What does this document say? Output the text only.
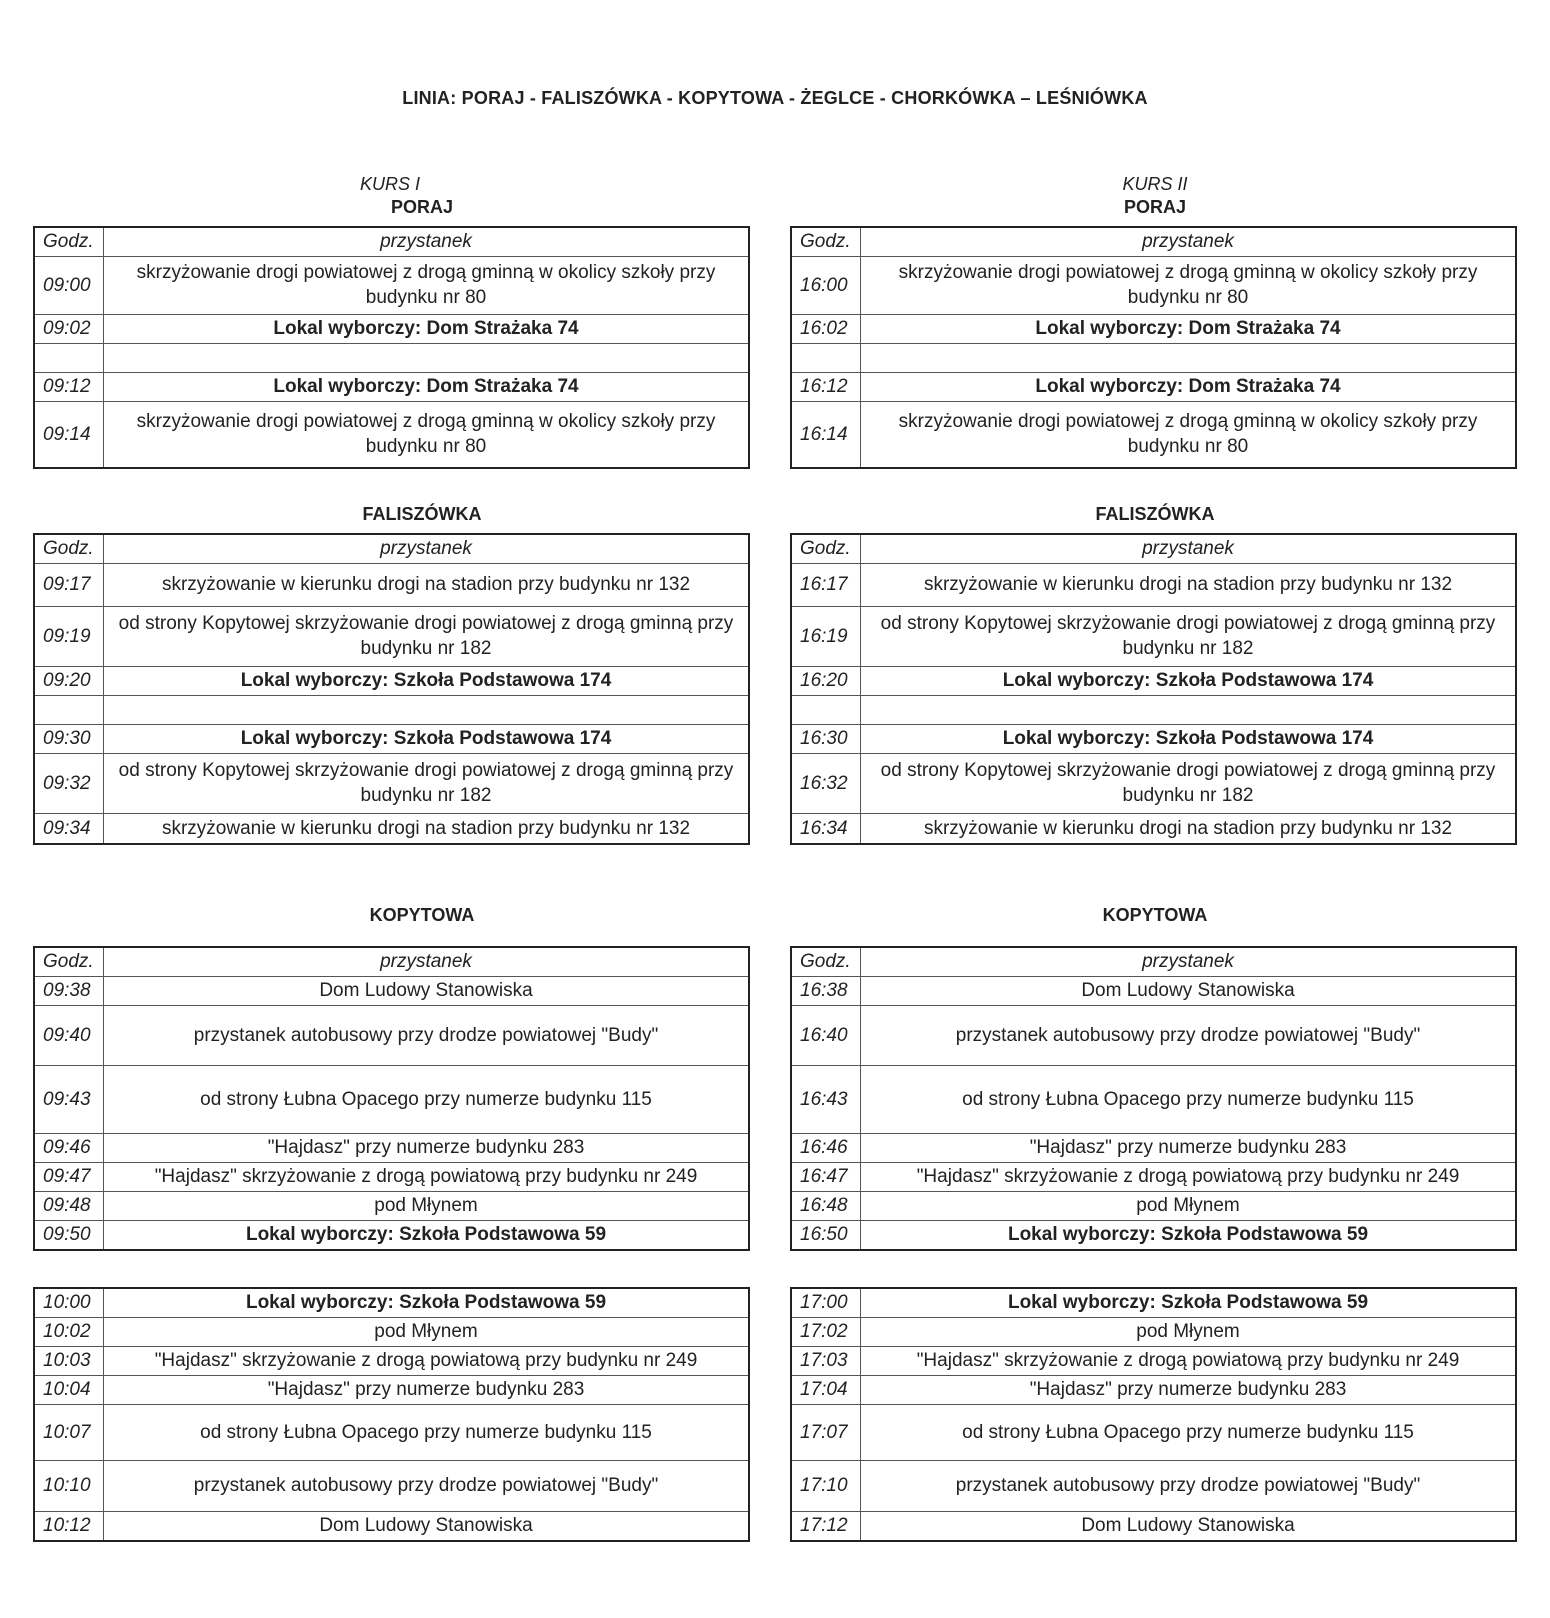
LINIA: PORAJ - FALISZÓWKA - KOPYTOWA - ŻEGLCE - CHORKÓWKA – LEŚNIÓWKA
KURS I
PORAJ
Godz.	przystanek
09:00	skrzyżowanie drogi powiatowej z drogą gminną w okolicy szkoły przy budynku nr 80
09:02	Lokal wyborczy: Dom Strażaka 74

09:12	Lokal wyborczy: Dom Strażaka 74
09:14	skrzyżowanie drogi powiatowej z drogą gminną w okolicy szkoły przy budynku nr 80
FALISZÓWKA
Godz.	przystanek
09:17	skrzyżowanie w kierunku drogi na stadion przy budynku nr 132
09:19	od strony Kopytowej skrzyżowanie drogi powiatowej z drogą gminną przy budynku nr 182
09:20	Lokal wyborczy: Szkoła Podstawowa 174

09:30	Lokal wyborczy: Szkoła Podstawowa 174
09:32	od strony Kopytowej skrzyżowanie drogi powiatowej z drogą gminną przy budynku nr 182
09:34	skrzyżowanie w kierunku drogi na stadion przy budynku nr 132
KOPYTOWA
Godz.	przystanek
09:38	Dom Ludowy Stanowiska
09:40	przystanek autobusowy przy drodze powiatowej "Budy"
09:43	od strony Łubna Opacego przy numerze budynku 115
09:46	"Hajdasz" przy numerze budynku 283
09:47	"Hajdasz" skrzyżowanie z drogą powiatową przy budynku nr 249
09:48	pod Młynem
09:50	Lokal wyborczy: Szkoła Podstawowa 59
10:00	Lokal wyborczy: Szkoła Podstawowa 59
10:02	pod Młynem
10:03	"Hajdasz" skrzyżowanie z drogą powiatową przy budynku nr 249
10:04	"Hajdasz" przy numerze budynku 283
10:07	od strony Łubna Opacego przy numerze budynku 115
10:10	przystanek autobusowy przy drodze powiatowej "Budy"
10:12	Dom Ludowy Stanowiska
KURS II
PORAJ
Godz.	przystanek
16:00	skrzyżowanie drogi powiatowej z drogą gminną w okolicy szkoły przy budynku nr 80
16:02	Lokal wyborczy: Dom Strażaka 74

16:12	Lokal wyborczy: Dom Strażaka 74
16:14	skrzyżowanie drogi powiatowej z drogą gminną w okolicy szkoły przy budynku nr 80
FALISZÓWKA
Godz.	przystanek
16:17	skrzyżowanie w kierunku drogi na stadion przy budynku nr 132
16:19	od strony Kopytowej skrzyżowanie drogi powiatowej z drogą gminną przy budynku nr 182
16:20	Lokal wyborczy: Szkoła Podstawowa 174

16:30	Lokal wyborczy: Szkoła Podstawowa 174
16:32	od strony Kopytowej skrzyżowanie drogi powiatowej z drogą gminną przy budynku nr 182
16:34	skrzyżowanie w kierunku drogi na stadion przy budynku nr 132
KOPYTOWA
Godz.	przystanek
16:38	Dom Ludowy Stanowiska
16:40	przystanek autobusowy przy drodze powiatowej "Budy"
16:43	od strony Łubna Opacego przy numerze budynku 115
16:46	"Hajdasz" przy numerze budynku 283
16:47	"Hajdasz" skrzyżowanie z drogą powiatową przy budynku nr 249
16:48	pod Młynem
16:50	Lokal wyborczy: Szkoła Podstawowa 59
17:00	Lokal wyborczy: Szkoła Podstawowa 59
17:02	pod Młynem
17:03	"Hajdasz" skrzyżowanie z drogą powiatową przy budynku nr 249
17:04	"Hajdasz" przy numerze budynku 283
17:07	od strony Łubna Opacego przy numerze budynku 115
17:10	przystanek autobusowy przy drodze powiatowej "Budy"
17:12	Dom Ludowy Stanowiska
